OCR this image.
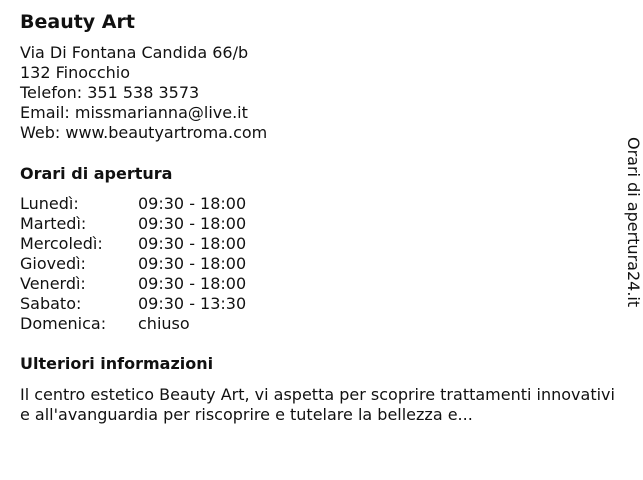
Beauty Art
Via Di Fontana Candida 66/b
132 Finocchio
Telefon: 351 538 3573
Email: missmarianna@live.it
Web: www.beautyartroma.com
Orari di apertura
Lunedì:	09:30 - 18:00
Martedì:	09:30 - 18:00
Mercoledì: 09:30 - 18:00
Giovedì:	09:30 - 18:00
Venerdì:	09:30 - 18:00
Sabato:	09:30 - 13:30
Domenica: chiuso
Ulteriori informazioni
Il centro estetico Beauty Art, vi aspetta per scoprire trattamenti innovativi e all'avanguardia per riscoprire e tutelare la bellezza e...
Orari di apertura24.it
